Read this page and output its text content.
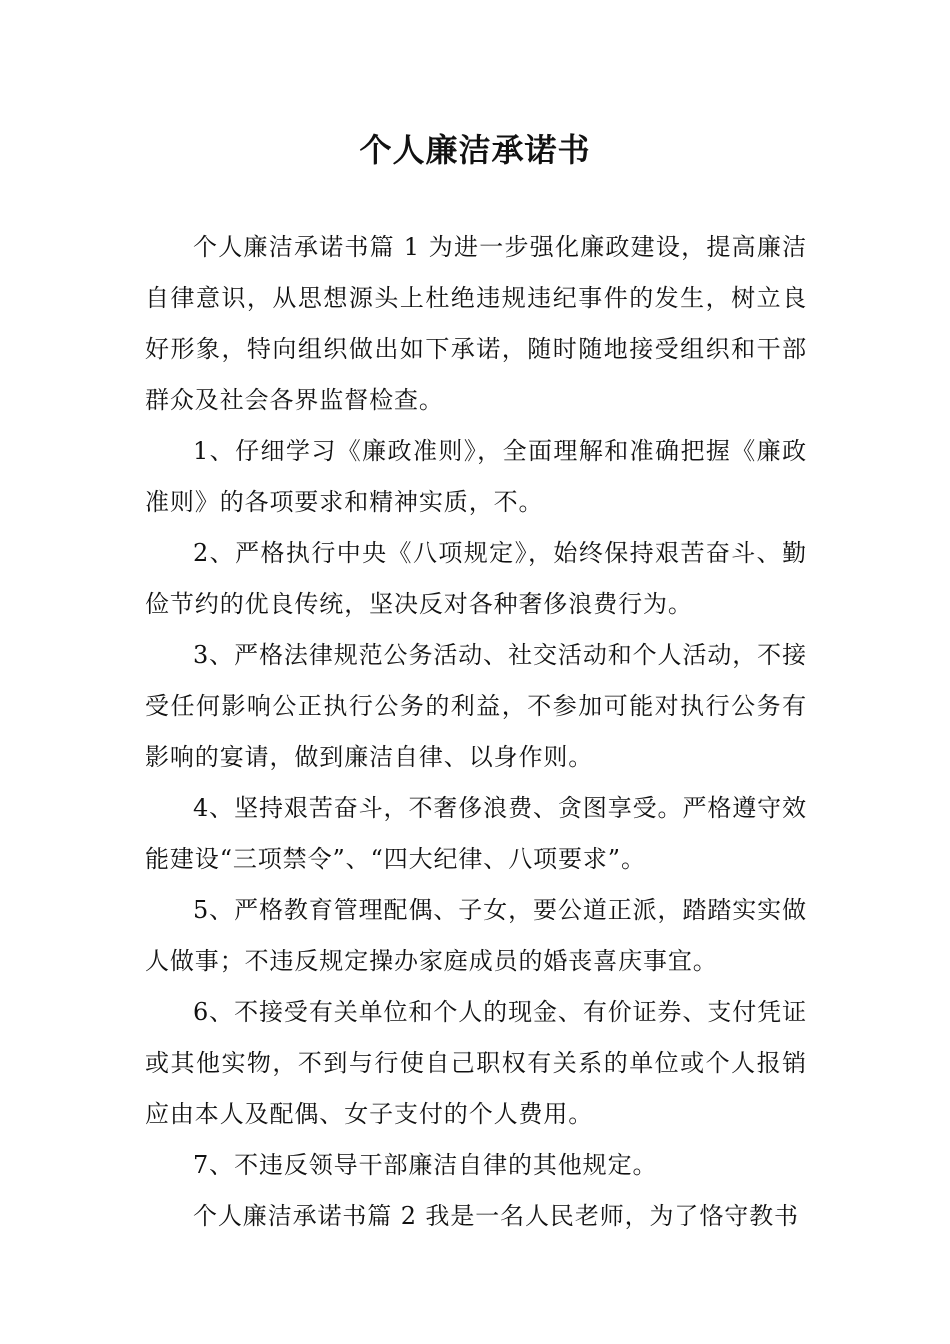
个人廉洁承诺书

个人廉洁承诺书篇 1 为进一步强化廉政建设，提高廉洁自律意识，从思想源头上杜绝违规违纪事件的发生，树立良好形象，特向组织做出如下承诺，随时随地接受组织和干部群众及社会各界监督检查。

1、仔细学习《廉政准则》，全面理解和准确把握《廉政准则》的各项要求和精神实质，不。

2、严格执行中央《八项规定》，始终保持艰苦奋斗、勤俭节约的优良传统，坚决反对各种奢侈浪费行为。

3、严格法律规范公务活动、社交活动和个人活动，不接受任何影响公正执行公务的利益，不参加可能对执行公务有影响的宴请，做到廉洁自律、以身作则。

4、坚持艰苦奋斗，不奢侈浪费、贪图享受。严格遵守效能建设“三项禁令”、“四大纪律、八项要求”。

5、严格教育管理配偶、子女，要公道正派，踏踏实实做人做事；不违反规定操办家庭成员的婚丧喜庆事宜。

6、不接受有关单位和个人的现金、有价证券、支付凭证或其他实物，不到与行使自己职权有关系的单位或个人报销应由本人及配偶、女子支付的个人费用。

7、不违反领导干部廉洁自律的其他规定。

个人廉洁承诺书篇 2 我是一名人民老师，为了恪守教书
